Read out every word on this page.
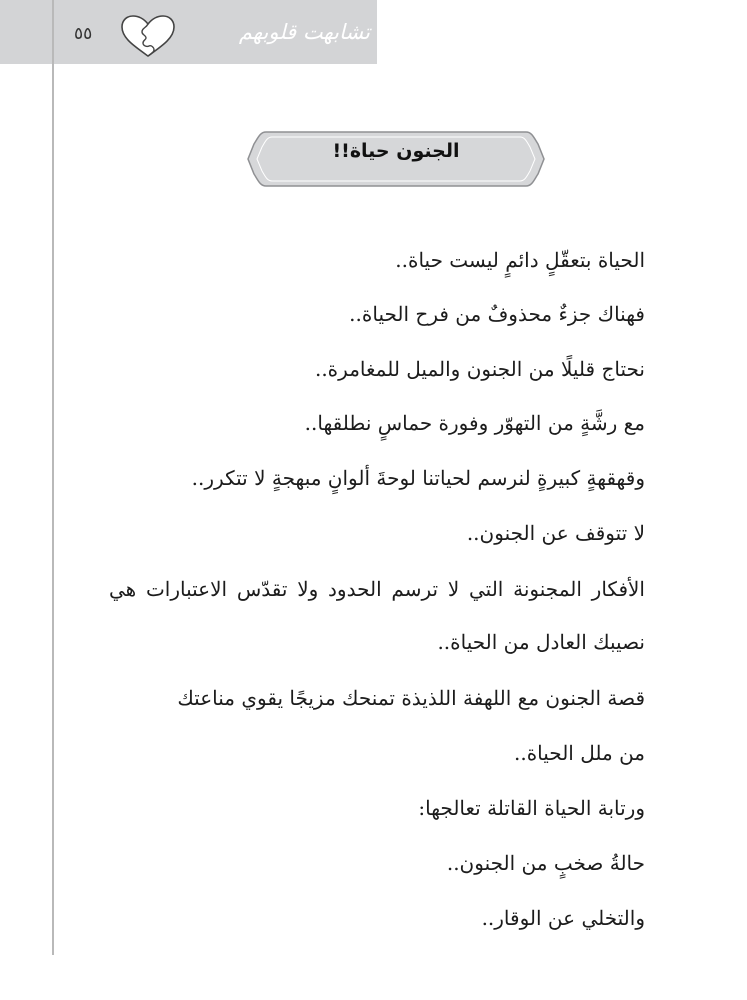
٥٥	تشابهت قلوبهم
الجنون حياة!!
الحياة بتعقّلٍ دائمٍ ليست حياة..
فهناك جزءٌ محذوفٌ من فرح الحياة..
نحتاج قليلًا من الجنون والميل للمغامرة..
مع رشَّةٍ من التهوّر وفورة حماسٍ نطلقها..
وقهقهةٍ كبيرةٍ لنرسم لحياتنا لوحةَ ألوانٍ مبهجةٍ لا تتكرر..
لا تتوقف عن الجنون..
الأفكار المجنونة التي لا ترسم الحدود ولا تقدّس الاعتبارات هي
نصيبك العادل من الحياة..
قصة الجنون مع اللهفة اللذيذة تمنحك مزيجًا يقوي مناعتك
من ملل الحياة..
ورتابة الحياة القاتلة تعالجها:
حالةُ صخبٍ من الجنون..
والتخلي عن الوقار..
